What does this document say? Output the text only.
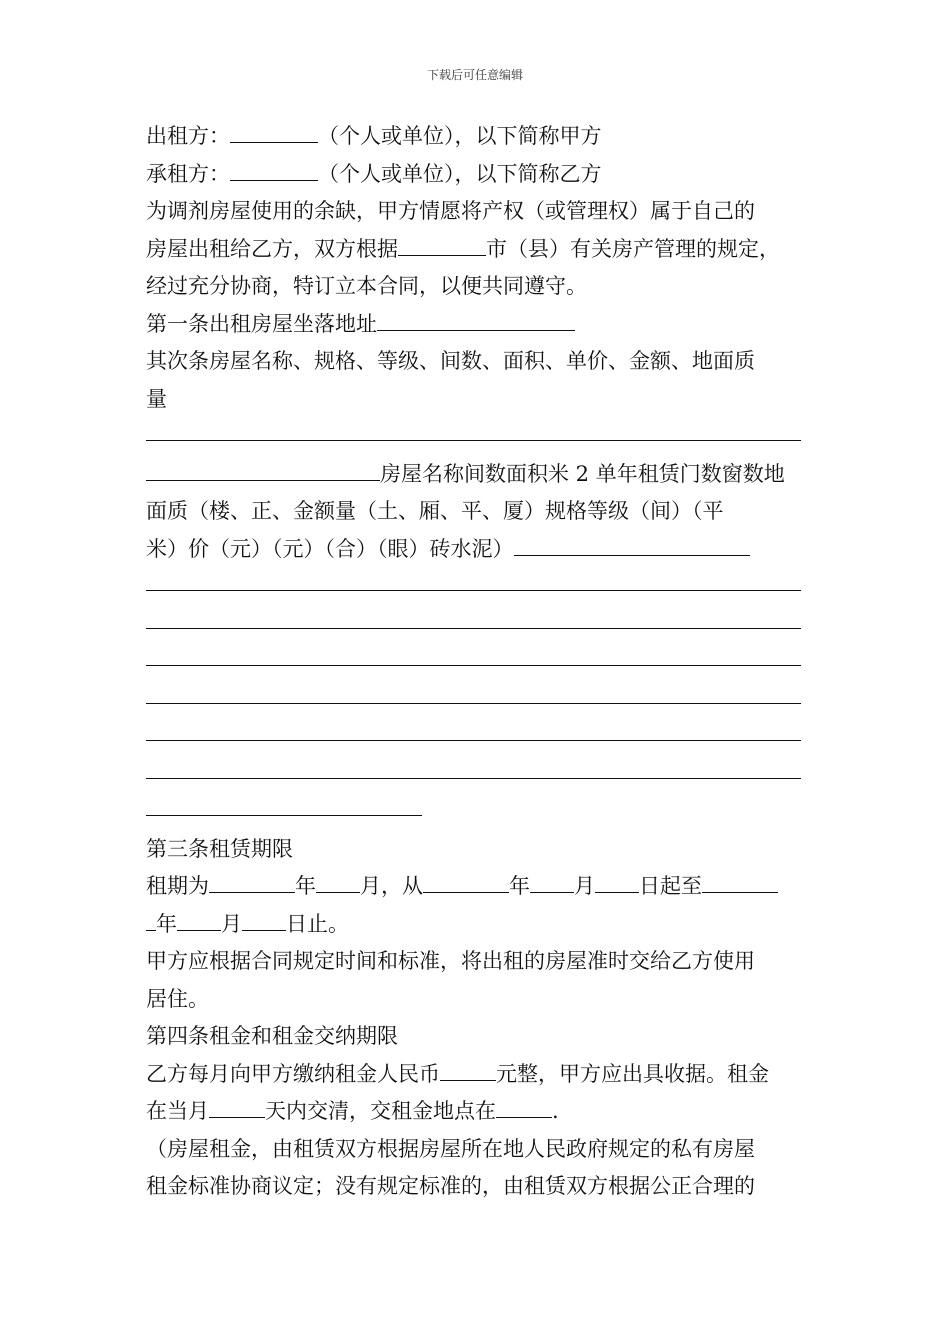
下载后可任意编辑
出租方：	（个人或单位），以下简称甲方
承租方：	（个人或单位），以下简称乙方
为调剂房屋使用的余缺，甲方情愿将产权（或管理权）属于自己的
房屋出租给乙方，双方根据	市（县）有关房产管理的规定，
经过充分协商，特订立本合同，以便共同遵守。
第一条出租房屋坐落地址
其次条房屋名称、规格、等级、间数、面积、单价、金额、地面质
量
房屋名称间数面积米 2 单年租赁门数窗数地
面质（楼、正、金额量（土、厢、平、厦）规格等级（间）（平
米）价（元）（元）（合）（眼）砖水泥）
第三条租赁期限
租期为	年 月，从	年 月 日起至
年 月 日止。
甲方应根据合同规定时间和标准，将出租的房屋准时交给乙方使用
居住。
第四条租金和租金交纳期限
乙方每月向甲方缴纳租金人民币	元整，甲方应出具收据。租金
在当月	天内交清，交租金地点在	.
（房屋租金，由租赁双方根据房屋所在地人民政府规定的私有房屋
租金标准协商议定；没有规定标准的，由租赁双方根据公正合理的
